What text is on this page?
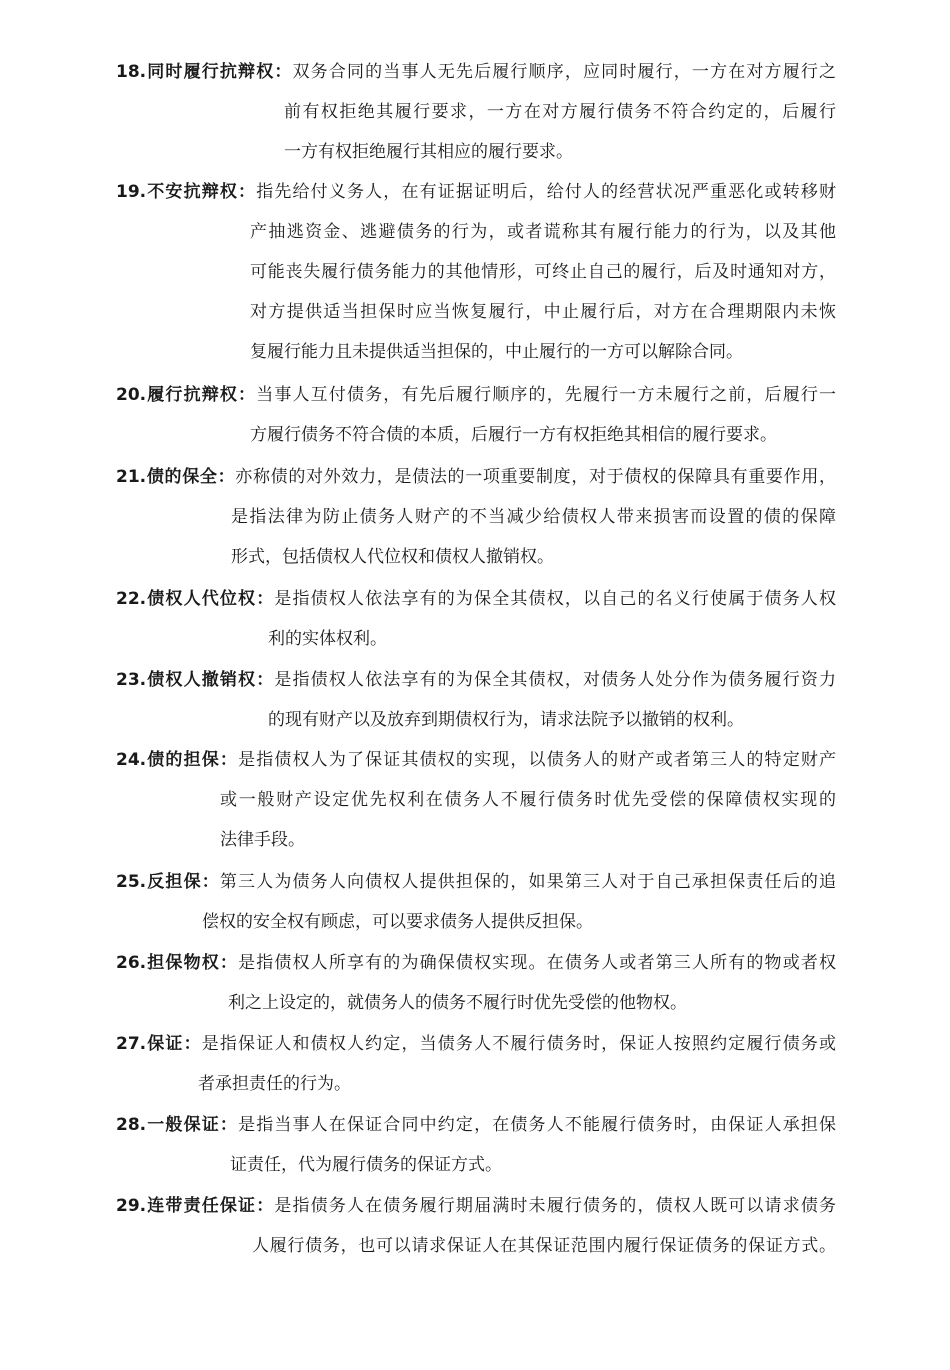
18.同时履行抗辩权：双务合同的当事人无先后履行顺序，应同时履行，一方在对方履行之
前有权拒绝其履行要求，一方在对方履行债务不符合约定的，后履行
一方有权拒绝履行其相应的履行要求。
19.不安抗辩权：指先给付义务人，在有证据证明后，给付人的经营状况严重恶化或转移财
产抽逃资金、逃避债务的行为，或者谎称其有履行能力的行为，以及其他
可能丧失履行债务能力的其他情形，可终止自己的履行，后及时通知对方，
对方提供适当担保时应当恢复履行，中止履行后，对方在合理期限内未恢
复履行能力且未提供适当担保的，中止履行的一方可以解除合同。
20.履行抗辩权：当事人互付债务，有先后履行顺序的，先履行一方未履行之前，后履行一
方履行债务不符合债的本质，后履行一方有权拒绝其相信的履行要求。
21.债的保全：亦称债的对外效力，是债法的一项重要制度，对于债权的保障具有重要作用，
是指法律为防止债务人财产的不当减少给债权人带来损害而设置的债的保障
形式，包括债权人代位权和债权人撤销权。
22.债权人代位权：是指债权人依法享有的为保全其债权，以自己的名义行使属于债务人权
利的实体权利。
23.债权人撤销权：是指债权人依法享有的为保全其债权，对债务人处分作为债务履行资力
的现有财产以及放弃到期债权行为，请求法院予以撤销的权利。
24.债的担保：是指债权人为了保证其债权的实现，以债务人的财产或者第三人的特定财产
或一般财产设定优先权利在债务人不履行债务时优先受偿的保障债权实现的
法律手段。
25.反担保：第三人为债务人向债权人提供担保的，如果第三人对于自己承担保责任后的追
偿权的安全权有顾虑，可以要求债务人提供反担保。
26.担保物权：是指债权人所享有的为确保债权实现。在债务人或者第三人所有的物或者权
利之上设定的，就债务人的债务不履行时优先受偿的他物权。
27.保证：是指保证人和债权人约定，当债务人不履行债务时，保证人按照约定履行债务或
者承担责任的行为。
28.一般保证：是指当事人在保证合同中约定，在债务人不能履行债务时，由保证人承担保
证责任，代为履行债务的保证方式。
29.连带责任保证：是指债务人在债务履行期届满时未履行债务的，债权人既可以请求债务
人履行债务，也可以请求保证人在其保证范围内履行保证债务的保证方式。
